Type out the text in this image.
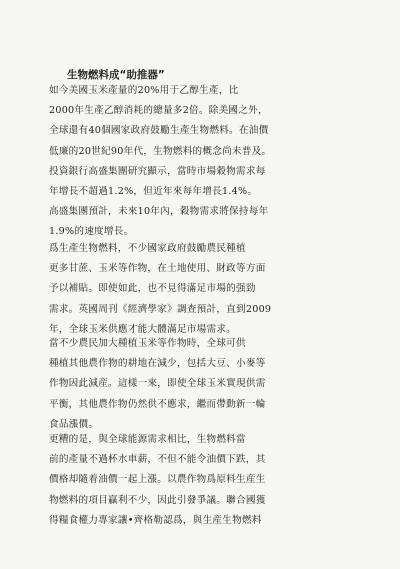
生物燃料成“助推器”
如今美國玉米產量的20%用于乙醇生產，比
2000年生產乙醇消耗的總量多2倍。除美國之外，
全球還有40個國家政府鼓勵生產生物燃料。在油價
低廉的20世紀90年代，生物燃料的概念尚未普及。
投資銀行高盛集團研究顯示，當時市場穀物需求每
年增長不超過1.2%，但近年來每年增長1.4%。
高盛集團預計，未來10年內，穀物需求將保持每年
1.9%的速度增長。
爲生產生物燃料，不少國家政府鼓勵農民種植
更多甘蔗、玉米等作物，在土地使用、財政等方面
予以補貼。即使如此，也不見得滿足市場的强勁
需求。英國周刊《經濟學家》調查預計，直到2009
年，全球玉米供應才能大體滿足市場需求。
當不少農民加大種植玉米等作物時，全球可供
種植其他農作物的耕地在減少，包括大豆、小麥等
作物因此減産。這樣一來，即使全球玉米實現供需
平衡，其他農作物仍然供不應求，繼而帶動新一輪
食品漲價。
更糟的是，與全球能源需求相比，生物燃料當
前的產量不過杯水車薪，不但不能令油價下跌，其
價格却隨着油價一起上漲。以農作物爲原料生産生
物燃料的項目贏利不少，因此引發爭議。聯合國獲
得糧食權力專家讓•齊格勒認爲，與生産生物燃料
